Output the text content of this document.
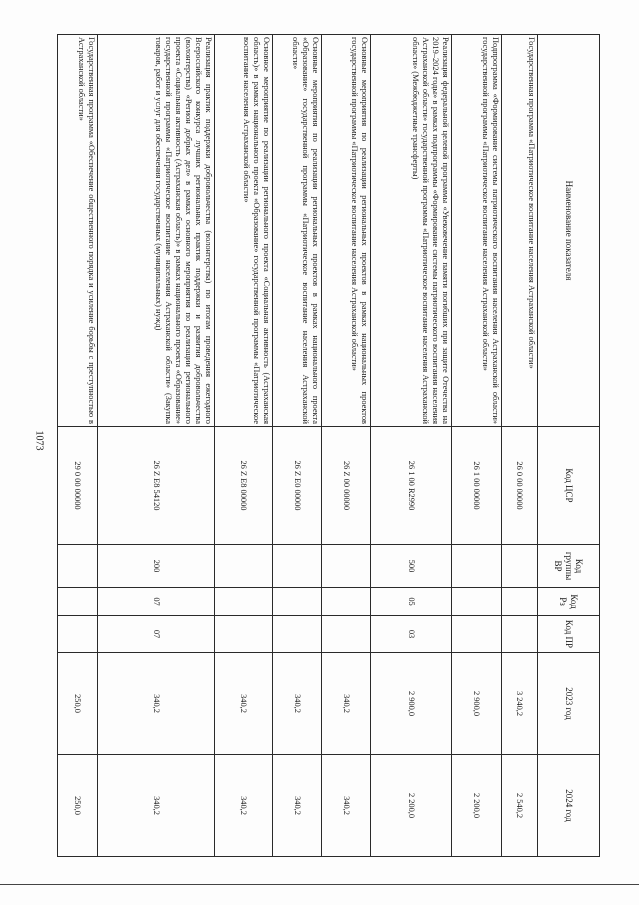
1073
Наименование показателя	Код ЦСР	Код группы ВР	Код Рз	Код ПР	2023 год	2024 год
Государственная программа «Патриотическое воспитание населения Астраханской области»	26 0 00 00000				3 240,2	2 540,2
Подпрограмма «Формирование системы патриотического воспитания населения Астраханской области» государственной программы «Патриотическое воспитание населения Астраханской области»	26 1 00 00000				2 900,0	2 200,0
Реализация федеральной целевой программы «Увековечение памяти погибших при защите Отечества на 2019–2024 годы» в рамках подпрограммы «Формирование системы патриотического воспитания населения Астраханской области» государственной программы «Патриотическое воспитание населения Астраханской области» (Межбюджетные трансферты)	26 1 00 R2990	500	05	03	2 900,0	2 200,0
Основные мероприятия по реализации региональных проектов в рамках национальных проектов государственной программы «Патриотическое воспитание населения Астраханской области»	26 Z 00 00000				340,2	340,2
Основные мероприятия по реализации региональных проектов в рамках национального проекта «Образование» государственной программы «Патриотическое воспитание населения Астраханской области»	26 Z E0 00000				340,2	340,2
Основное мероприятие по реализации регионального проекта «Социальная активность (Астраханская область)» в рамках национального проекта «Образование» государственной программы «Патриотическое воспитание населения Астраханской области»	26 Z E8 00000				340,2	340,2
Реализация практик поддержки добровольчества (волонтерства) по итогам проведения ежегодного Всероссийского конкурса лучших региональных практик поддержки и развития добровольчества (волонтерства) «Регион добрых дел» в рамках основного мероприятия по реализации регионального проекта «Социальная активность (Астраханская область)» в рамках национального проекта «Образование» государственной программы «Патриотическое воспитание населения Астраханской области» (Закупка товаров, работ и услуг для обеспечения государственных (муниципальных) нужд)	26 Z E8 54120	200	07	07	340,2	340,2
Государственная программа «Обеспечение общественного порядка и усиление борьбы с преступностью в Астраханской области»	29 0 00 00000				250,0	250,0
